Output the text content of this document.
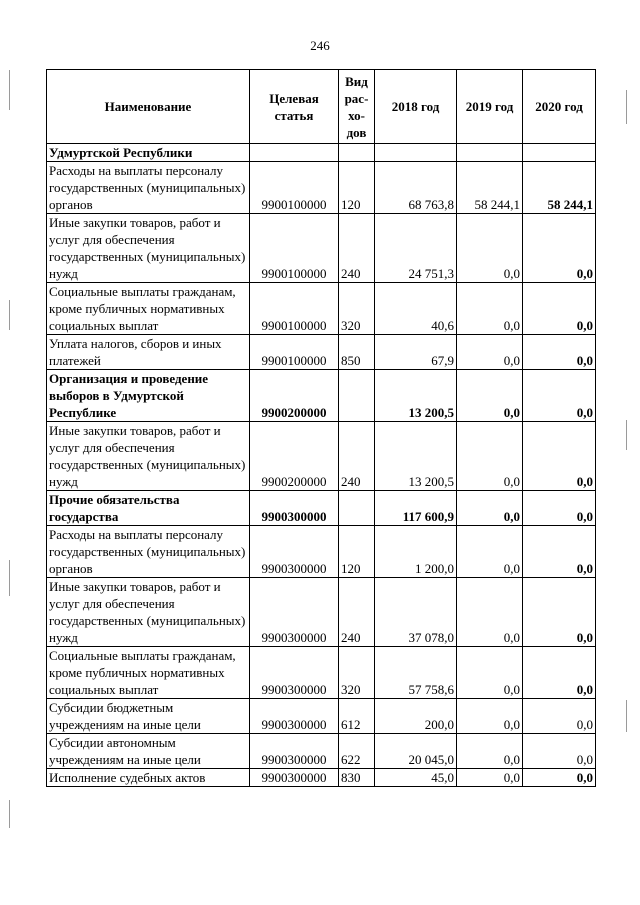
246
Наименование	Целевая статья	Вид рас-хо-дов	2018 год	2019 год	2020 год
Удмуртской Республики					
Расходы на выплаты персоналу государственных (муниципальных) органов	9900100000	120	68 763,8	58 244,1	58 244,1
Иные закупки товаров, работ и услуг для обеспечения государственных (муниципальных) нужд	9900100000	240	24 751,3	0,0	0,0
Социальные выплаты гражданам, кроме публичных нормативных социальных выплат	9900100000	320	40,6	0,0	0,0
Уплата налогов, сборов и иных платежей	9900100000	850	67,9	0,0	0,0
Организация и проведение выборов в Удмуртской Республике	9900200000		13 200,5	0,0	0,0
Иные закупки товаров, работ и услуг для обеспечения государственных (муниципальных) нужд	9900200000	240	13 200,5	0,0	0,0
Прочие обязательства государства	9900300000		117 600,9	0,0	0,0
Расходы на выплаты персоналу государственных (муниципальных) органов	9900300000	120	1 200,0	0,0	0,0
Иные закупки товаров, работ и услуг для обеспечения государственных (муниципальных) нужд	9900300000	240	37 078,0	0,0	0,0
Социальные выплаты гражданам, кроме публичных нормативных социальных выплат	9900300000	320	57 758,6	0,0	0,0
Субсидии бюджетным учреждениям на иные цели	9900300000	612	200,0	0,0	0,0
Субсидии автономным учреждениям на иные цели	9900300000	622	20 045,0	0,0	0,0
Исполнение судебных актов	9900300000	830	45,0	0,0	0,0
